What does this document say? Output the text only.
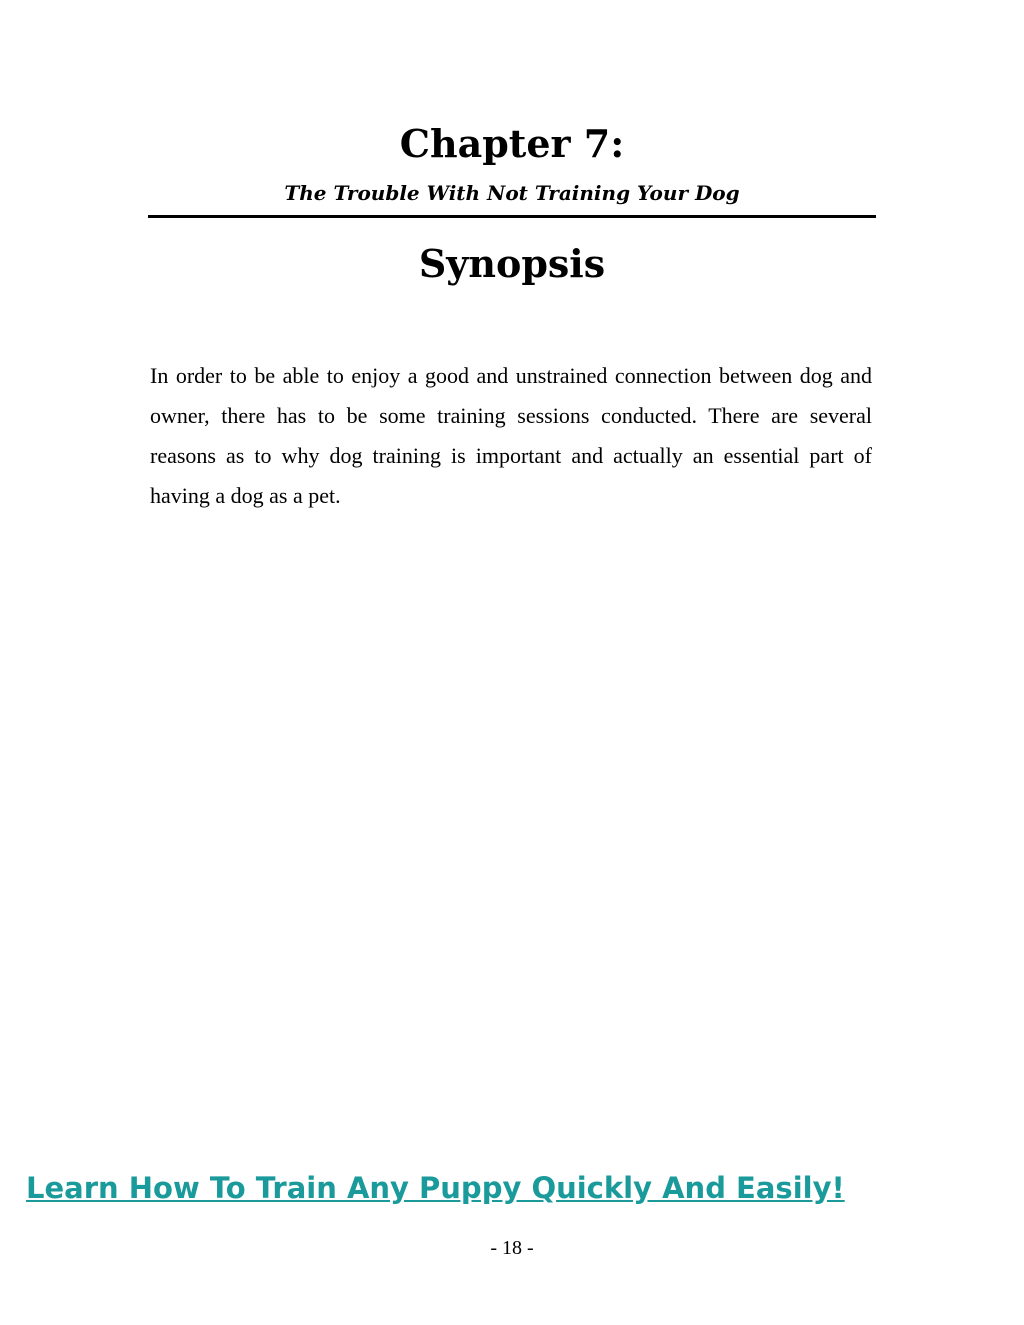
Chapter 7:
The Trouble With Not Training Your Dog
Synopsis

In order to be able to enjoy a good and unstrained connection between dog and owner, there has to be some training sessions conducted. There are several reasons as to why dog training is important and actually an essential part of having a dog as a pet.

Learn How To Train Any Puppy Quickly And Easily!
- 18 -
